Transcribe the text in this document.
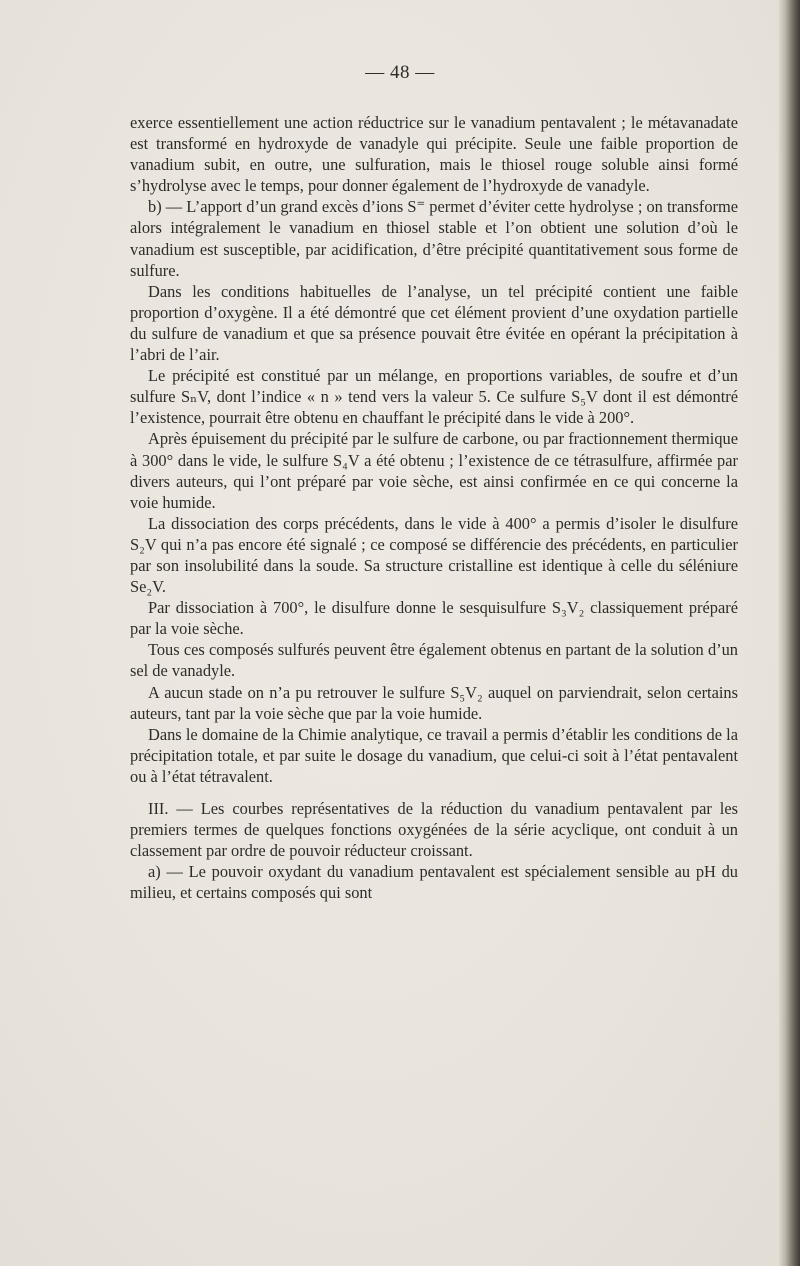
— 48 —

exerce essentiellement une action réductrice sur le vanadium pentavalent ; le métavanadate est transformé en hydroxyde de vanadyle qui précipite. Seule une faible proportion de vanadium subit, en outre, une sulfuration, mais le thiosel rouge soluble ainsi formé s’hydrolyse avec le temps, pour donner également de l’hydroxyde de vanadyle.

b) — L’apport d’un grand excès d’ions S⁼ permet d’éviter cette hydrolyse ; on transforme alors intégralement le vanadium en thiosel stable et l’on obtient une solution d’où le vanadium est susceptible, par acidification, d’être précipité quantitativement sous forme de sulfure.

Dans les conditions habituelles de l’analyse, un tel précipité contient une faible proportion d’oxygène. Il a été démontré que cet élément provient d’une oxydation partielle du sulfure de vanadium et que sa présence pouvait être évitée en opérant la précipitation à l’abri de l’air.

Le précipité est constitué par un mélange, en proportions variables, de soufre et d’un sulfure SₙV, dont l’indice « n » tend vers la valeur 5. Ce sulfure S₅V dont il est démontré l’existence, pourrait être obtenu en chauffant le précipité dans le vide à 200°.

Après épuisement du précipité par le sulfure de carbone, ou par fractionnement thermique à 300° dans le vide, le sulfure S₄V a été obtenu ; l’existence de ce tétrasulfure, affirmée par divers auteurs, qui l’ont préparé par voie sèche, est ainsi confirmée en ce qui concerne la voie humide.

La dissociation des corps précédents, dans le vide à 400° a permis d’isoler le disulfure S₂V qui n’a pas encore été signalé ; ce composé se différencie des précédents, en particulier par son insolubilité dans la soude. Sa structure cristalline est identique à celle du séléniure Se₂V.

Par dissociation à 700°, le disulfure donne le sesquisulfure S₃V₂ classiquement préparé par la voie sèche.

Tous ces composés sulfurés peuvent être également obtenus en partant de la solution d’un sel de vanadyle.

A aucun stade on n’a pu retrouver le sulfure S₅V₂ auquel on parviendrait, selon certains auteurs, tant par la voie sèche que par la voie humide.

Dans le domaine de la Chimie analytique, ce travail a permis d’établir les conditions de la précipitation totale, et par suite le dosage du vanadium, que celui-ci soit à l’état pentavalent ou à l’état tétravalent.

III. — Les courbes représentatives de la réduction du vanadium pentavalent par les premiers termes de quelques fonctions oxygénées de la série acyclique, ont conduit à un classement par ordre de pouvoir réducteur croissant.

a) — Le pouvoir oxydant du vanadium pentavalent est spécialement sensible au pH du milieu, et certains composés qui sont
